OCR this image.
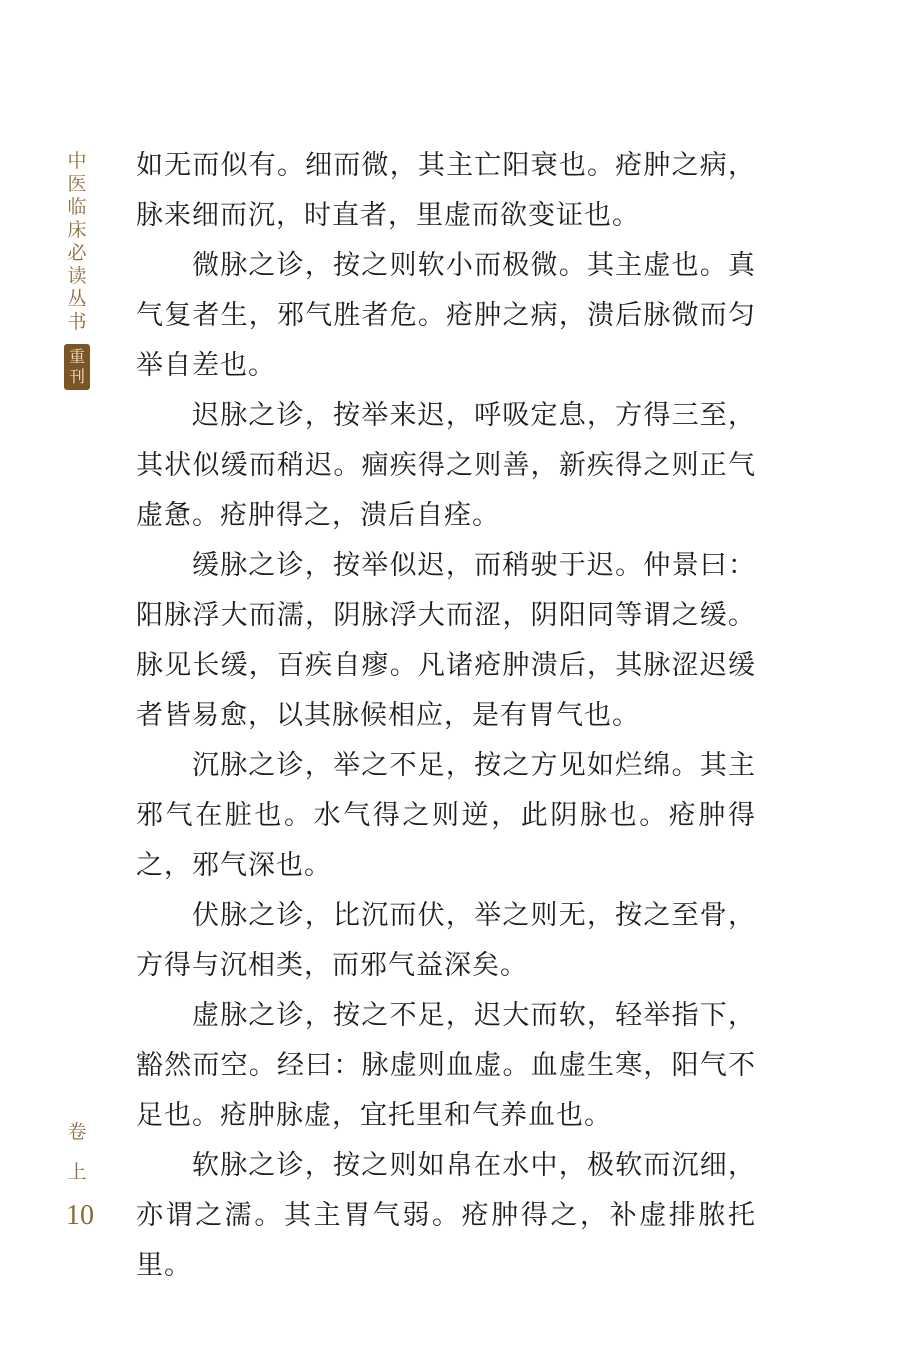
中
医
临
床
必
读
丛
书
重
刊
卷
上
10

如无而似有。细而微，其主亡阳衰也。疮肿之病，脉来细而沉，时直者，里虚而欲变证也。

微脉之诊，按之则软小而极微。其主虚也。真气复者生，邪气胜者危。疮肿之病，溃后脉微而匀举自差也。

迟脉之诊，按举来迟，呼吸定息，方得三至，其状似缓而稍迟。痼疾得之则善，新疾得之则正气虚惫。疮肿得之，溃后自痊。

缓脉之诊，按举似迟，而稍驶于迟。仲景曰：阳脉浮大而濡，阴脉浮大而涩，阴阳同等谓之缓。脉见长缓，百疾自瘳。凡诸疮肿溃后，其脉涩迟缓者皆易愈，以其脉候相应，是有胃气也。

沉脉之诊，举之不足，按之方见如烂绵。其主邪气在脏也。水气得之则逆，此阴脉也。疮肿得之，邪气深也。

伏脉之诊，比沉而伏，举之则无，按之至骨，方得与沉相类，而邪气益深矣。

虚脉之诊，按之不足，迟大而软，轻举指下，豁然而空。经曰：脉虚则血虚。血虚生寒，阳气不足也。疮肿脉虚，宜托里和气养血也。

软脉之诊，按之则如帛在水中，极软而沉细，亦谓之濡。其主胃气弱。疮肿得之，补虚排脓托里。
